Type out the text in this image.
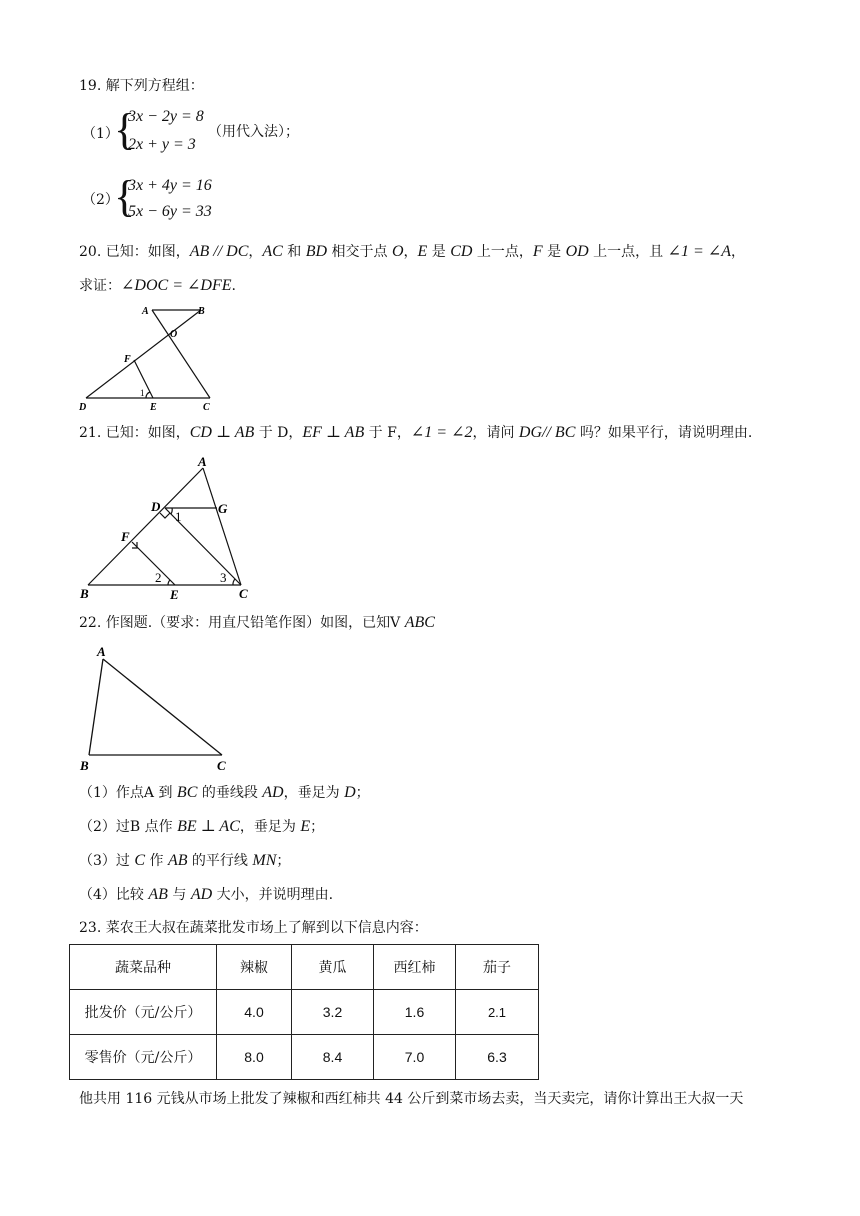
19. 解下列方程组：
（1）
{
3x − 2y = 8
2x + y = 3
（用代入法）；
（2）
{
3x + 4y = 16
5x − 6y = 33
20. 已知：如图，AB // DC，AC 和 BD 相交于点 O，E 是 CD 上一点，F 是 OD 上一点，且 ∠1 = ∠A，
求证：∠DOC = ∠DFE.
A	B
O
F
D	E	C
1
21. 已知：如图，CD ⊥ AB 于 D，EF ⊥ AB 于 F，∠1 = ∠2，请问 DG// BC 吗？如果平行，请说明理由.
A
D	G
F
B	E	C
1
2	3
22. 作图题.（要求：用直尺铅笔作图）如图，已知V ABC
A
B	C
（1）作点A 到 BC 的垂线段 AD，垂足为 D；
（2）过B 点作 BE ⊥ AC，垂足为 E；
（3）过 C 作 AB 的平行线 MN；
（4）比较 AB 与 AD 大小，并说明理由.
23. 菜农王大叔在蔬菜批发市场上了解到以下信息内容：
蔬菜品种	辣椒	黄瓜	西红柿	茄子
批发价（元/公斤）	4.0	3.2	1.6	2.1
零售价（元/公斤）	8.0	8.4	7.0	6.3
他共用 116 元钱从市场上批发了辣椒和西红柿共 44 公斤到菜市场去卖，当天卖完，请你计算出王大叔一天
